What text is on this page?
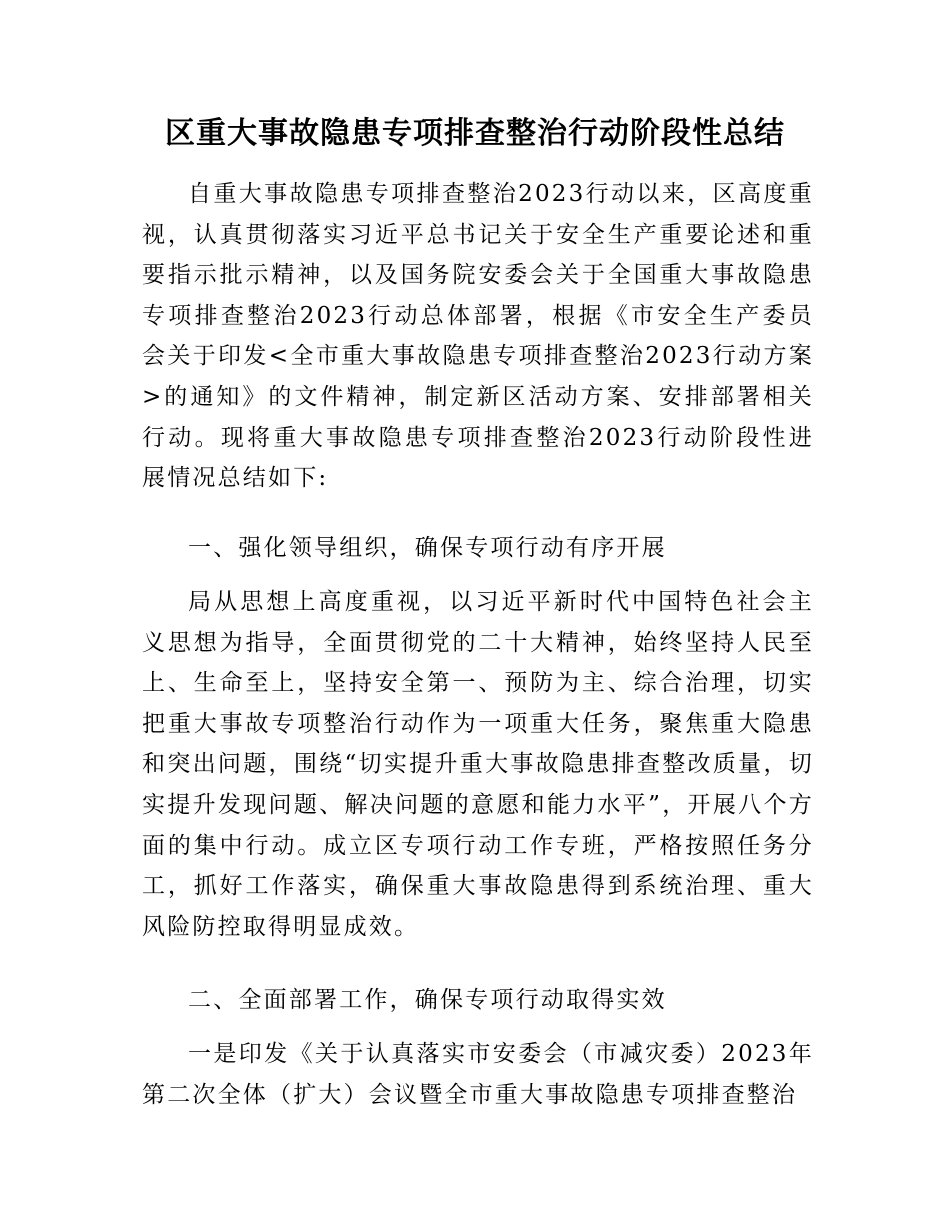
区重大事故隐患专项排查整治行动阶段性总结

自重大事故隐患专项排查整治2023行动以来，区高度重视，认真贯彻落实习近平总书记关于安全生产重要论述和重要指示批示精神，以及国务院安委会关于全国重大事故隐患专项排查整治2023行动总体部署，根据《市安全生产委员会关于印发<全市重大事故隐患专项排查整治2023行动方案>的通知》的文件精神，制定新区活动方案、安排部署相关行动。现将重大事故隐患专项排查整治2023行动阶段性进展情况总结如下:

一、强化领导组织，确保专项行动有序开展

局从思想上高度重视，以习近平新时代中国特色社会主义思想为指导，全面贯彻党的二十大精神，始终坚持人民至上、生命至上，坚持安全第一、预防为主、综合治理，切实把重大事故专项整治行动作为一项重大任务，聚焦重大隐患和突出问题，围绕“切实提升重大事故隐患排查整改质量，切实提升发现问题、解决问题的意愿和能力水平”，开展八个方面的集中行动。成立区专项行动工作专班，严格按照任务分工，抓好工作落实，确保重大事故隐患得到系统治理、重大风险防控取得明显成效。

二、全面部署工作，确保专项行动取得实效

一是印发《关于认真落实市安委会（市减灾委）2023年第二次全体（扩大）会议暨全市重大事故隐患专项排查整治
